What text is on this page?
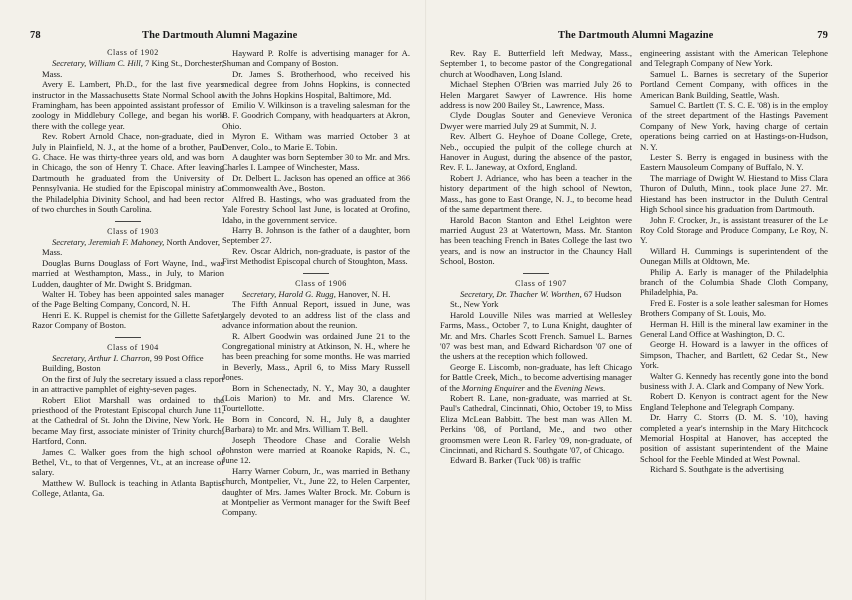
78	The Dartmouth Alumni Magazine

Class of 1902

Secretary, William C. Hill, 7 King St., Dorchester, Mass.

Avery E. Lambert, Ph.D., for the last five years instructor in the Massachusetts State Normal School at Framingham, has been appointed assistant professor of zoology in Middlebury College, and began his work there with the college year.

Rev. Robert Arnold Chace, non-graduate, died in July in Plainfield, N. J., at the home of a brother, Paul G. Chace. He was thirty-three years old, and was born in Chicago, the son of Henry T. Chace. After leaving Dartmouth he graduated from the University of Pennsylvania. He studied for the Episcopal ministry at the Philadelphia Divinity School, and had been rector of two churches in South Carolina.

Class of 1903

Secretary, Jeremiah F. Mahoney, North Andover, Mass.

Douglas Burns Douglass of Fort Wayne, Ind., was married at Westhampton, Mass., in July, to Marion Ludden, daughter of Mr. Dwight S. Bridgman.

Walter H. Tobey has been appointed sales manager of the Page Belting Company, Concord, N. H.

Henri E. K. Ruppel is chemist for the Gillette Safety Razor Company of Boston.

Class of 1904

Secretary, Arthur I. Charron, 99 Post Office Building, Boston

On the first of July the secretary issued a class report in an attractive pamphlet of eighty-seven pages.

Robert Eliot Marshall was ordained to the priesthood of the Protestant Episcopal church June 11, at the Cathedral of St. John the Divine, New York. He became May first, associate minister of Trinity church, Hartford, Conn.

James C. Walker goes from the high school of Bethel, Vt., to that of Vergennes, Vt., at an increase of salary.

Matthew W. Bullock is teaching in Atlanta Baptist College, Atlanta, Ga.

Hayward P. Rolfe is advertising manager for A. Shuman and Company of Boston.

Dr. James S. Brotherhood, who received his medical degree from Johns Hopkins, is connected with the Johns Hopkins Hospital, Baltimore, Md.

Emilio V. Wilkinson is a traveling salesman for the B. F. Goodrich Company, with headquarters at Akron, Ohio.

Myron E. Witham was married October 3 at Denver, Colo., to Marie E. Tobin.

A daughter was born September 30 to Mr. and Mrs. Charles I. Lampee of Winchester, Mass.

Dr. Delbert L. Jackson has opened an office at 366 Commonwealth Ave., Boston.

Alfred B. Hastings, who was graduated from the Yale Forestry School last June, is located at Orofino, Idaho, in the government service.

Harry B. Johnson is the father of a daughter, born September 27.

Rev. Oscar Aldrich, non-graduate, is pastor of the First Methodist Episcopal church of Stoughton, Mass.

Class of 1906

Secretary, Harold G. Rugg, Hanover, N. H.

The Fifth Annual Report, issued in June, was largely devoted to an address list of the class and advance information about the reunion.

R. Albert Goodwin was ordained June 21 to the Congregational ministry at Atkinson, N. H., where he has been preaching for some months. He was married in Beverly, Mass., April 6, to Miss Mary Russell Jones.

Born in Schenectady, N. Y., May 30, a daughter (Lois Marion) to Mr. and Mrs. Clarence W. Tourtellotte.

Born in Concord, N. H., July 8, a daughter (Barbara) to Mr. and Mrs. William T. Bell.

Joseph Theodore Chase and Coralie Welsh Johnston were married at Roanoke Rapids, N. C., June 12.

Harry Warner Coburn, Jr., was married in Bethany church, Montpelier, Vt., June 22, to Helen Carpenter, daughter of Mrs. James Walter Brock. Mr. Coburn is at Montpelier as Vermont manager for the Swift Beef Company.

The Dartmouth Alumni Magazine	79

Rev. Ray E. Butterfield left Medway, Mass., September 1, to become pastor of the Congregational church at Woodhaven, Long Island.

Michael Stephen O'Brien was married July 26 to Helen Margaret Sawyer of Lawrence. His home address is now 200 Bailey St., Lawrence, Mass.

Clyde Douglas Souter and Genevieve Veronica Dwyer were married July 29 at Summit, N. J.

Rev. Albert G. Heyhoe of Doane College, Crete, Neb., occupied the pulpit of the college church at Hanover in August, during the absence of the pastor, Rev. F. L. Janeway, at Oxford, England.

Robert J. Adriance, who has been a teacher in the history department of the high school of Newton, Mass., has gone to East Orange, N. J., to become head of the same department there.

Harold Bacon Stanton and Ethel Leighton were married August 23 at Watertown, Mass. Mr. Stanton has been teaching French in Bates College the last two years, and is now an instructor in the Chauncy Hall School, Boston.

Class of 1907

Secretary, Dr. Thacher W. Worthen, 67 Hudson St., New York

Harold Louville Niles was married at Wellesley Farms, Mass., October 7, to Luna Knight, daughter of Mr. and Mrs. Charles Scott French. Samuel L. Barnes '07 was best man, and Edward Richardson '07 one of the ushers at the reception which followed.

George E. Liscomb, non-graduate, has left Chicago for Battle Creek, Mich., to become advertising manager of the Morning Enquirer and the Evening News.

Robert R. Lane, non-graduate, was married at St. Paul's Cathedral, Cincinnati, Ohio, October 19, to Miss Eliza McLean Babbitt. The best man was Allen M. Perkins '08, of Portland, Me., and two other groomsmen were Leon R. Farley '09, non-graduate, of Cincinnati, and Richard S. Southgate '07, of Chicago.

Edward B. Barker (Tuck '08) is traffic

engineering assistant with the American Telephone and Telegraph Company of New York.

Samuel L. Barnes is secretary of the Superior Portland Cement Company, with offices in the American Bank Building, Seattle, Wash.

Samuel C. Bartlett (T. S. C. E. '08) is in the employ of the street department of the Hastings Pavement Company of New York, having charge of certain operations being carried on at Hastings-on-Hudson, N. Y.

Lester S. Berry is engaged in business with the Eastern Mausoleum Company of Buffalo, N. Y.

The marriage of Dwight W. Hiestand to Miss Clara Thuron of Duluth, Minn., took place June 27. Mr. Hiestand has been instructor in the Duluth Central High School since his graduation from Dartmouth.

John F. Crocker, Jr., is assistant treasurer of the Le Roy Cold Storage and Produce Company, Le Roy, N. Y.

Willard H. Cummings is superintendent of the Ounegan Mills at Oldtown, Me.

Philip A. Early is manager of the Philadelphia branch of the Columbia Shade Cloth Company, Philadelphia, Pa.

Fred E. Foster is a sole leather salesman for Homes Brothers Company of St. Louis, Mo.

Herman H. Hill is the mineral law examiner in the General Land Office at Washington, D. C.

George H. Howard is a lawyer in the offices of Simpson, Thacher, and Bartlett, 62 Cedar St., New York.

Walter G. Kennedy has recently gone into the bond business with J. A. Clark and Company of New York.

Robert D. Kenyon is contract agent for the New England Telephone and Telegraph Company.

Dr. Harry C. Storrs (D. M. S. '10), having completed a year's internship in the Mary Hitchcock Memorial Hospital at Hanover, has accepted the position of assistant superintendent of the Maine School for the Feeble Minded at West Pownal.

Richard S. Southgate is the advertising
